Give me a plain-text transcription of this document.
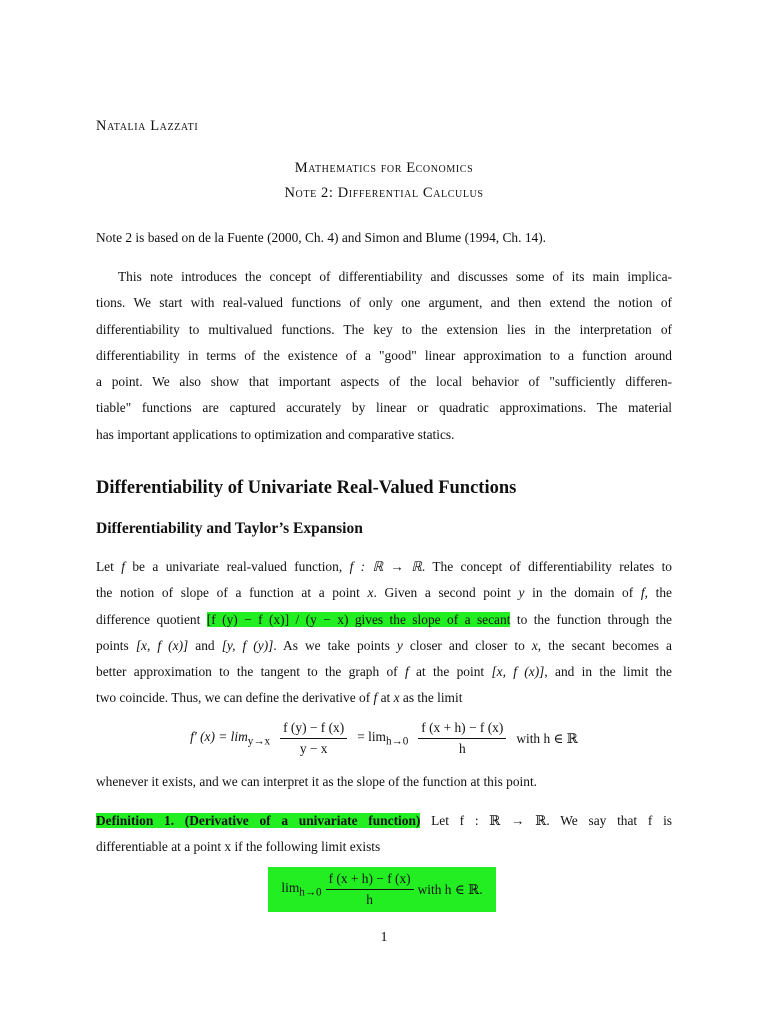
Natalia Lazzati
Mathematics for Economics
Note 2: Differential Calculus
Note 2 is based on de la Fuente (2000, Ch. 4) and Simon and Blume (1994, Ch. 14).
This note introduces the concept of differentiability and discusses some of its main implica-
tions. We start with real-valued functions of only one argument, and then extend the notion of
differentiability to multivalued functions. The key to the extension lies in the interpretation of
differentiability in terms of the existence of a "good" linear approximation to a function around
a point. We also show that important aspects of the local behavior of "sufficiently differen-
tiable" functions are captured accurately by linear or quadratic approximations. The material
has important applications to optimization and comparative statics.
Differentiability of Univariate Real-Valued Functions
Differentiability and Taylor’s Expansion
Let f be a univariate real-valued function, f : ℝ → ℝ. The concept of differentiability relates to
the notion of slope of a function at a point x. Given a second point y in the domain of f, the
difference quotient [f (y) − f (x)] / (y − x) gives the slope of a secant to the function through the
points [x, f (x)] and [y, f (y)]. As we take points y closer and closer to x, the secant becomes a
better approximation to the tangent to the graph of f at the point [x, f (x)], and in the limit the
two coincide. Thus, we can define the derivative of f at x as the limit
f′ $(x) = \lim_{y\to x} \frac{f (y) - f (x)}{y - x} = \lim_{h\to 0} \frac{f (x + h) - f (x)}{h}$ with h ∈ ℝ
whenever it exists, and we can interpret it as the slope of the function at this point.
Definition 1. (Derivative of a univariate function) Let f : ℝ → ℝ. We say that f is
differentiable at a point x if the following limit exists
$\lim_{h\to 0} \frac{f (x + h) - f (x)}{h}$ with h ∈ ℝ.
1
